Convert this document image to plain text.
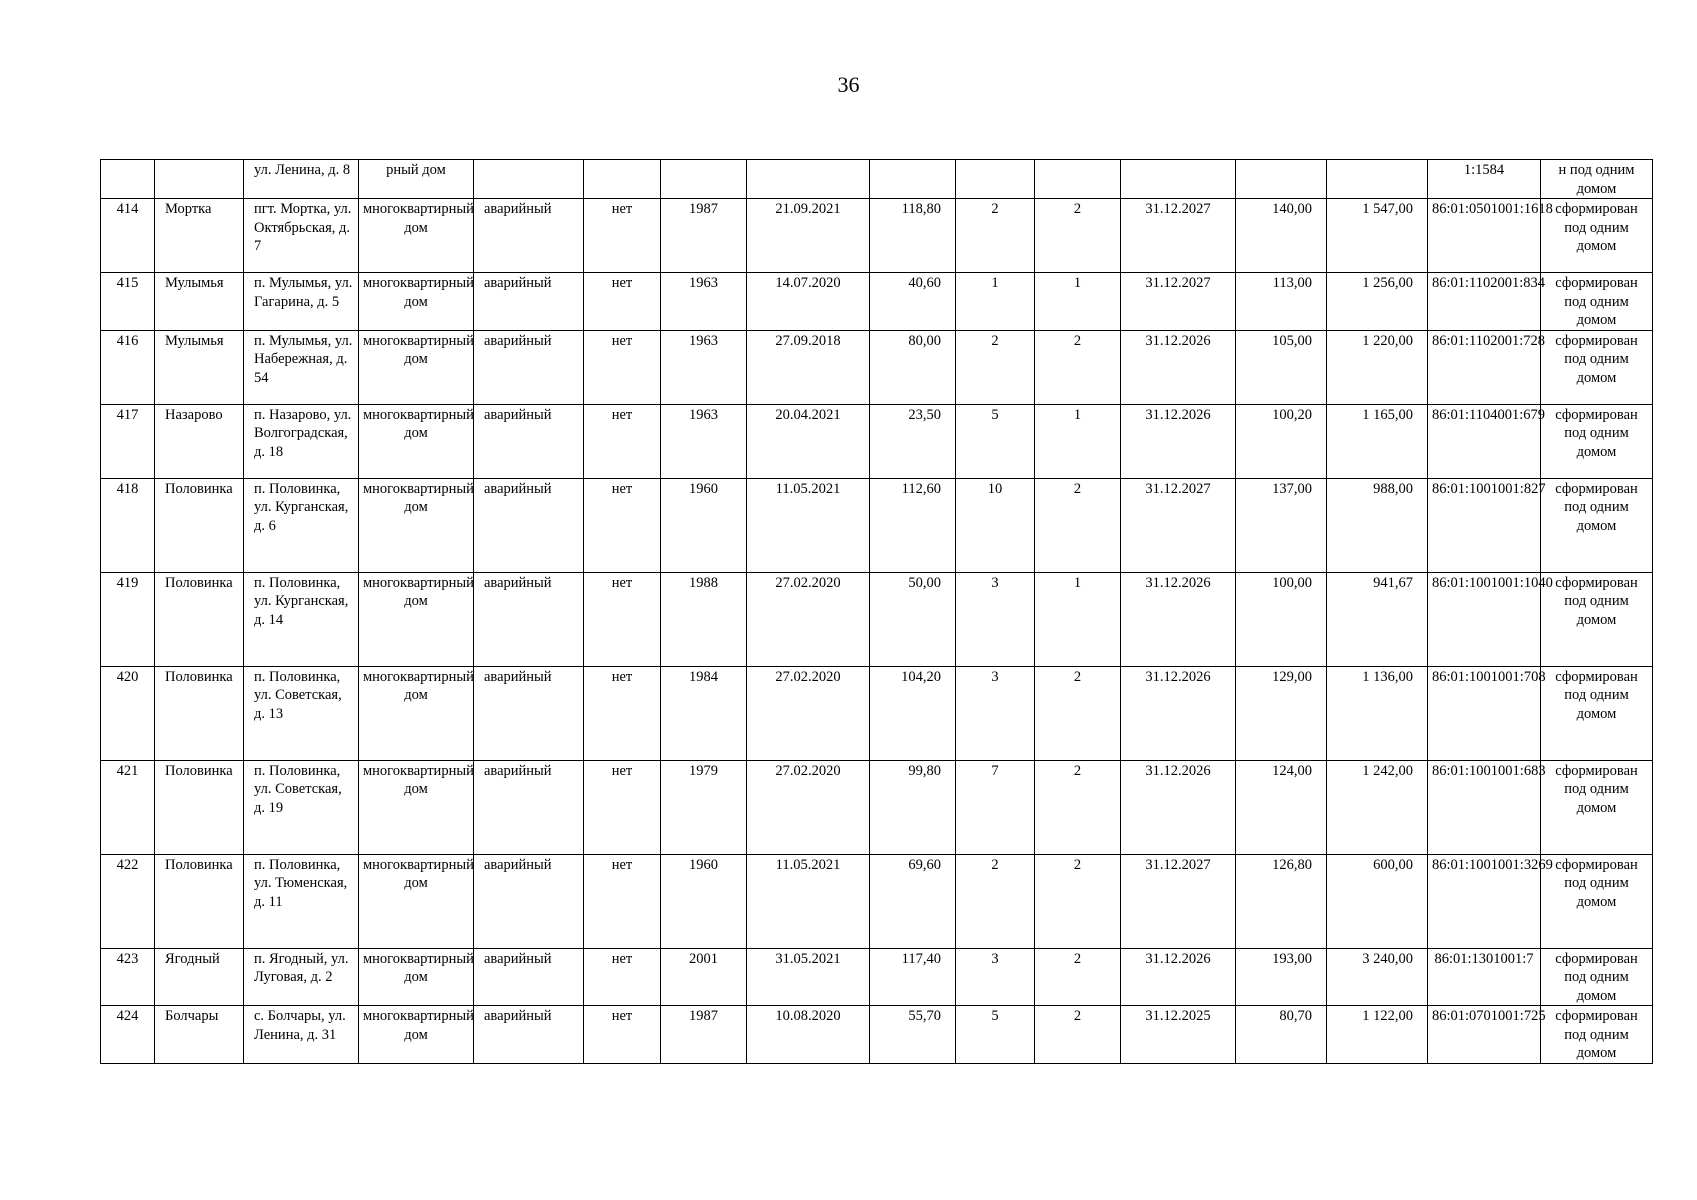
36
		ул. Ленина, д. 8	рный дом											1:1584	н под одним домом
414	Мортка	пгт. Мортка, ул. Октябрьская, д. 7	многоквартирный дом	аварийный	нет	1987	21.09.2021	118,80	2	2	31.12.2027	140,00	1 547,00	86:01:0501001:1618	сформирован под одним домом
415	Мулымья	п. Мулымья, ул. Гагарина, д. 5	многоквартирный дом	аварийный	нет	1963	14.07.2020	40,60	1	1	31.12.2027	113,00	1 256,00	86:01:1102001:834	сформирован под одним домом
416	Мулымья	п. Мулымья, ул. Набережная, д. 54	многоквартирный дом	аварийный	нет	1963	27.09.2018	80,00	2	2	31.12.2026	105,00	1 220,00	86:01:1102001:728	сформирован под одним домом
417	Назарово	п. Назарово, ул. Волгоградская, д. 18	многоквартирный дом	аварийный	нет	1963	20.04.2021	23,50	5	1	31.12.2026	100,20	1 165,00	86:01:1104001:679	сформирован под одним домом
418	Половинка	п. Половинка, ул. Курганская, д. 6	многоквартирный дом	аварийный	нет	1960	11.05.2021	112,60	10	2	31.12.2027	137,00	988,00	86:01:1001001:827	сформирован под одним домом
419	Половинка	п. Половинка, ул. Курганская, д. 14	многоквартирный дом	аварийный	нет	1988	27.02.2020	50,00	3	1	31.12.2026	100,00	941,67	86:01:1001001:1040	сформирован под одним домом
420	Половинка	п. Половинка, ул. Советская, д. 13	многоквартирный дом	аварийный	нет	1984	27.02.2020	104,20	3	2	31.12.2026	129,00	1 136,00	86:01:1001001:708	сформирован под одним домом
421	Половинка	п. Половинка, ул. Советская, д. 19	многоквартирный дом	аварийный	нет	1979	27.02.2020	99,80	7	2	31.12.2026	124,00	1 242,00	86:01:1001001:683	сформирован под одним домом
422	Половинка	п. Половинка, ул. Тюменская, д. 11	многоквартирный дом	аварийный	нет	1960	11.05.2021	69,60	2	2	31.12.2027	126,80	600,00	86:01:1001001:3269	сформирован под одним домом
423	Ягодный	п. Ягодный, ул. Луговая, д. 2	многоквартирный дом	аварийный	нет	2001	31.05.2021	117,40	3	2	31.12.2026	193,00	3 240,00	86:01:1301001:7	сформирован под одним домом
424	Болчары	с. Болчары, ул. Ленина, д. 31	многоквартирный дом	аварийный	нет	1987	10.08.2020	55,70	5	2	31.12.2025	80,70	1 122,00	86:01:0701001:725	сформирован под одним домом
